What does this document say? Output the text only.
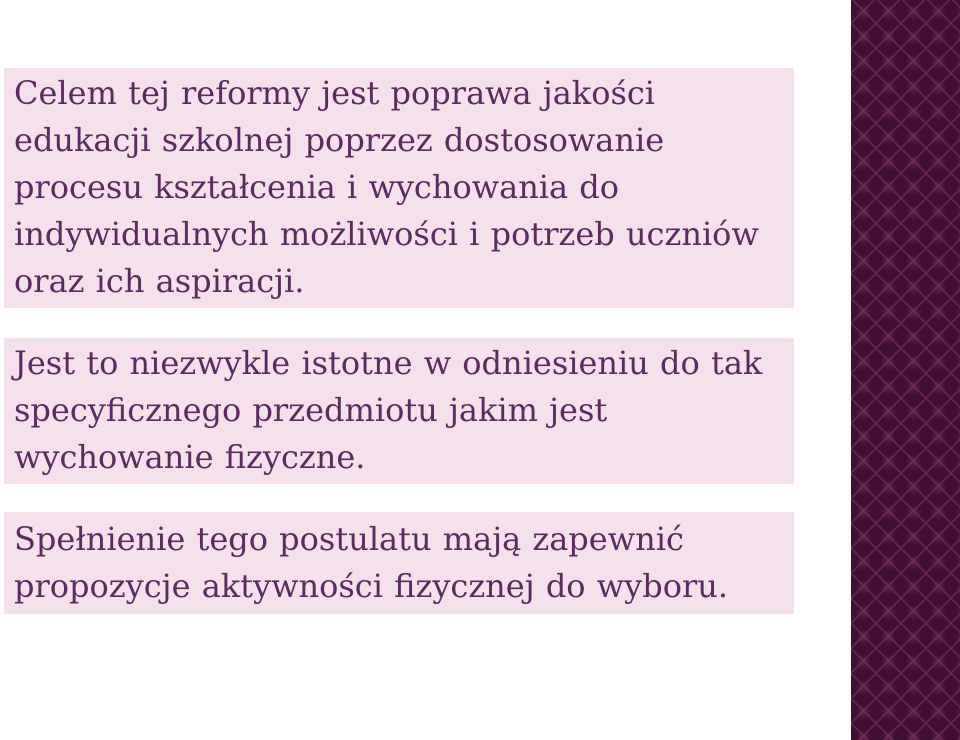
Celem tej reformy jest poprawa jakości

edukacji szkolnej poprzez dostosowanie

procesu kształcenia i wychowania do

indywidualnych możliwości i potrzeb uczniów

oraz ich aspiracji.

Jest to niezwykle istotne w odniesieniu do tak

specyficznego przedmiotu jakim jest

wychowanie fizyczne.

Spełnienie tego postulatu mają zapewnić

propozycje aktywności fizycznej do wyboru.
